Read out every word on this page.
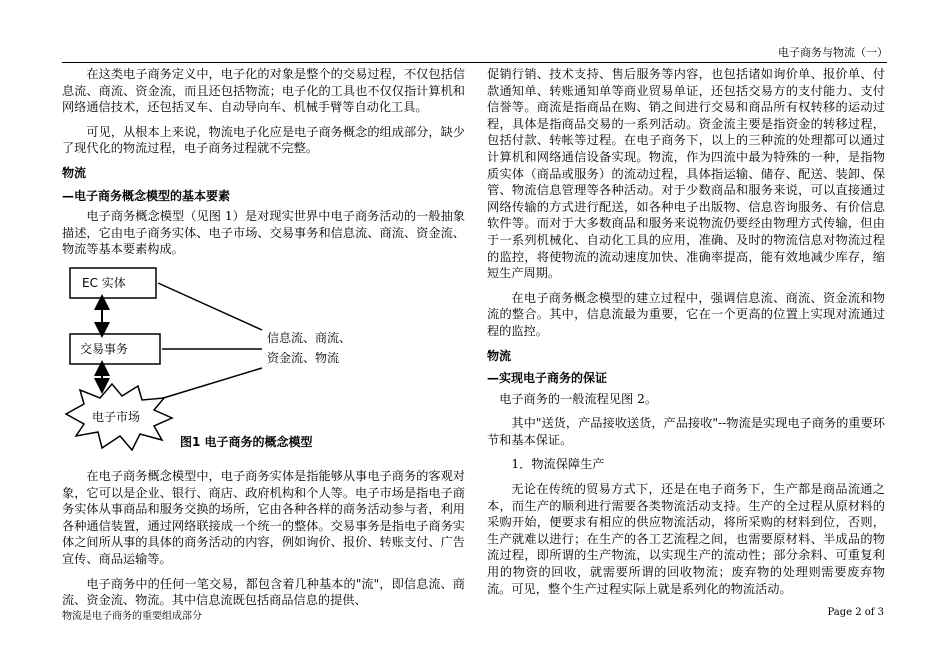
电子商务与物流（一）

在这类电子商务定义中，电子化的对象是整个的交易过程，不仅包括信息流、商流、资金流，而且还包括物流；电子化的工具也不仅仅指计算机和网络通信技术，还包括叉车、自动导向车、机械手臂等自动化工具。

可见，从根本上来说，物流电子化应是电子商务概念的组成部分，缺少了现代化的物流过程，电子商务过程就不完整。

物流
—电子商务概念模型的基本要素

电子商务概念模型（见图 1）是对现实世界中电子商务活动的一般抽象描述，它由电子商务实体、电子市场、交易事务和信息流、商流、资金流、物流等基本要素构成。

EC 实体
交易事务
信息流、商流、
资金流、物流
电子市场
图1 电子商务的概念模型

在电子商务概念模型中，电子商务实体是指能够从事电子商务的客观对象，它可以是企业、银行、商店、政府机构和个人等。电子市场是指电子商务实体从事商品和服务交换的场所，它由各种各样的商务活动参与者，利用各种通信装置，通过网络联接成一个统一的整体。交易事务是指电子商务实体之间所从事的具体的商务活动的内容，例如询价、报价、转账支付、广告宣传、商品运输等。

电子商务中的任何一笔交易，都包含着几种基本的"流"，即信息流、商流、资金流、物流。其中信息流既包括商品信息的提供、

促销行销、技术支持、售后服务等内容，也包括诸如询价单、报价单、付款通知单、转账通知单等商业贸易单证，还包括交易方的支付能力、支付信誉等。商流是指商品在购、销之间进行交易和商品所有权转移的运动过程，具体是指商品交易的一系列活动。资金流主要是指资金的转移过程，包括付款、转帐等过程。在电子商务下，以上的三种流的处理都可以通过计算机和网络通信设备实现。物流，作为四流中最为特殊的一种，是指物质实体（商品或服务）的流动过程，具体指运输、储存、配送、装卸、保管、物流信息管理等各种活动。对于少数商品和服务来说，可以直接通过网络传输的方式进行配送，如各种电子出版物、信息咨询服务、有价信息软件等。而对于大多数商品和服务来说物流仍要经由物理方式传输，但由于一系列机械化、自动化工具的应用，准确、及时的物流信息对物流过程的监控，将使物流的流动速度加快、准确率提高，能有效地减少库存，缩短生产周期。

在电子商务概念模型的建立过程中，强调信息流、商流、资金流和物流的整合。其中，信息流最为重要，它在一个更高的位置上实现对流通过程的监控。

物流
—实现电子商务的保证

电子商务的一般流程见图 2。

其中"送货，产品接收送货，产品接收"--物流是实现电子商务的重要环节和基本保证。

1．物流保障生产

无论在传统的贸易方式下，还是在电子商务下，生产都是商品流通之本，而生产的顺利进行需要各类物流活动支持。生产的全过程从原材料的采购开始，便要求有相应的供应物流活动，将所采购的材料到位，否则，生产就难以进行；在生产的各工艺流程之间，也需要原材料、半成品的物流过程，即所谓的生产物流，以实现生产的流动性；部分余料、可重复利用的物资的回收，就需要所谓的回收物流；废弃物的处理则需要废弃物流。可见，整个生产过程实际上就是系列化的物流活动。

物流是电子商务的重要组成部分	Page 2 of 3
